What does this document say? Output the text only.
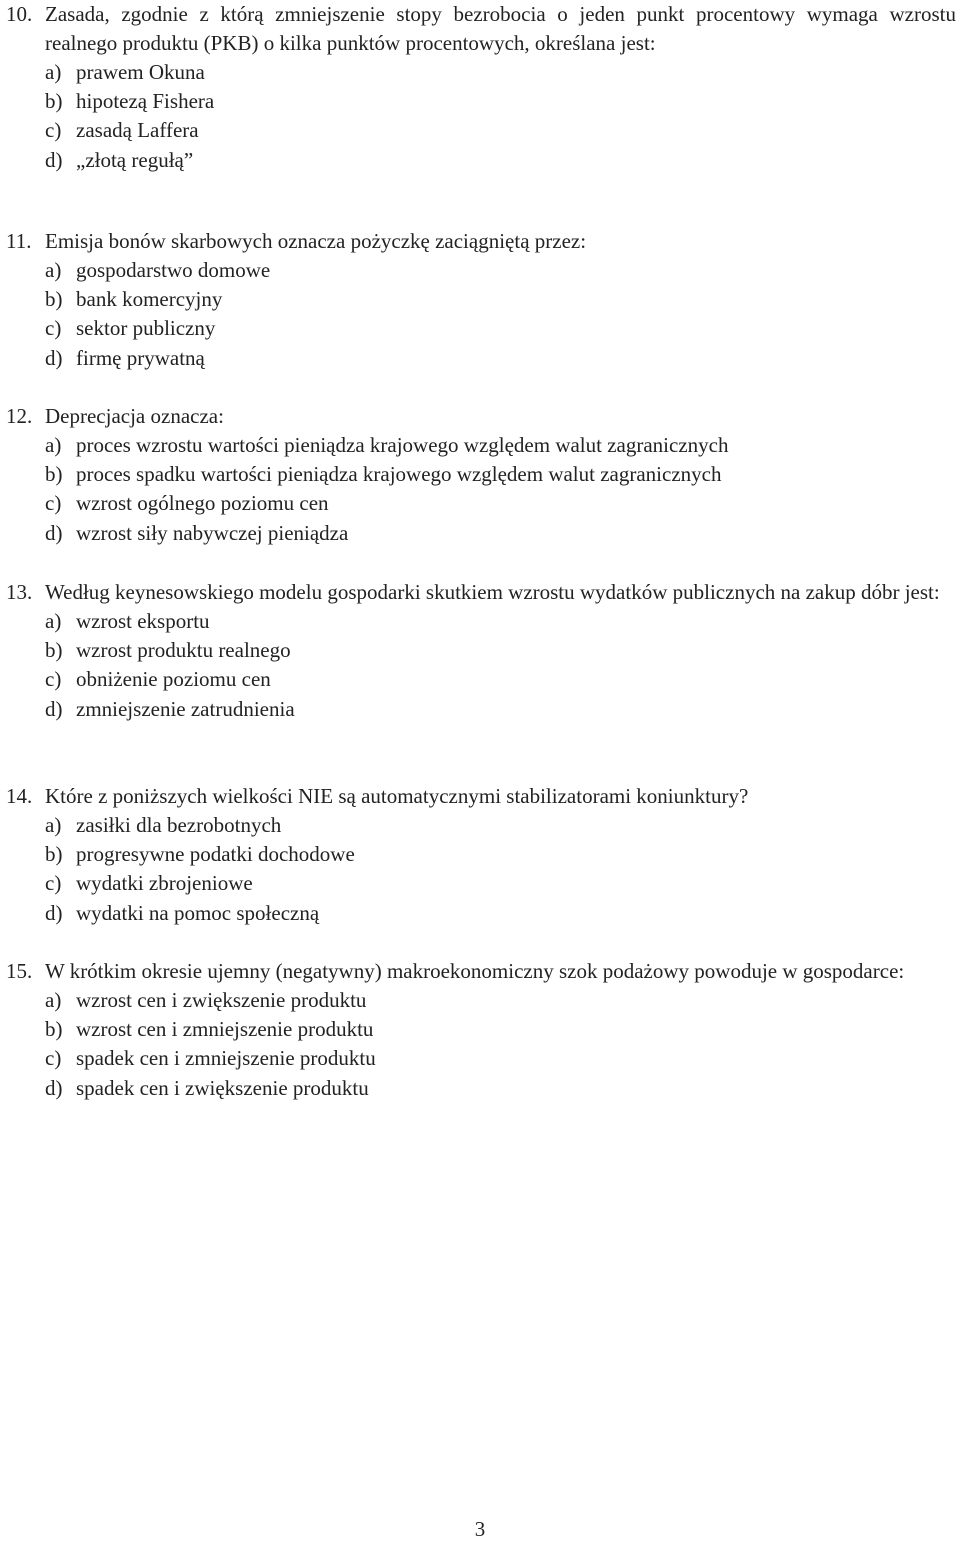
10. Zasada, zgodnie z którą zmniejszenie stopy bezrobocia o jeden punkt procentowy wymaga wzrostu realnego produktu (PKB) o kilka punktów procentowych, określana jest:
a) prawem Okuna
b) hipotezą Fishera
c) zasadą Laffera
d) „złotą regułą”
11. Emisja bonów skarbowych oznacza pożyczkę zaciągniętą przez:
a) gospodarstwo domowe
b) bank komercyjny
c) sektor publiczny
d) firmę prywatną
12. Deprecjacja oznacza:
a) proces wzrostu wartości pieniądza krajowego względem walut zagranicznych
b) proces spadku wartości pieniądza krajowego względem walut zagranicznych
c) wzrost ogólnego poziomu cen
d) wzrost siły nabywczej pieniądza
13. Według keynesowskiego modelu gospodarki skutkiem wzrostu wydatków publicznych na zakup dóbr jest:
a) wzrost eksportu
b) wzrost produktu realnego
c) obniżenie poziomu cen
d) zmniejszenie zatrudnienia
14. Które z poniższych wielkości NIE są automatycznymi stabilizatorami koniunktury?
a) zasiłki dla bezrobotnych
b) progresywne podatki dochodowe
c) wydatki zbrojeniowe
d) wydatki na pomoc społeczną
15. W krótkim okresie ujemny (negatywny) makroekonomiczny szok podażowy powoduje w gospodarce:
a) wzrost cen i zwiększenie produktu
b) wzrost cen i zmniejszenie produktu
c) spadek cen i zmniejszenie produktu
d) spadek cen i zwiększenie produktu
3
